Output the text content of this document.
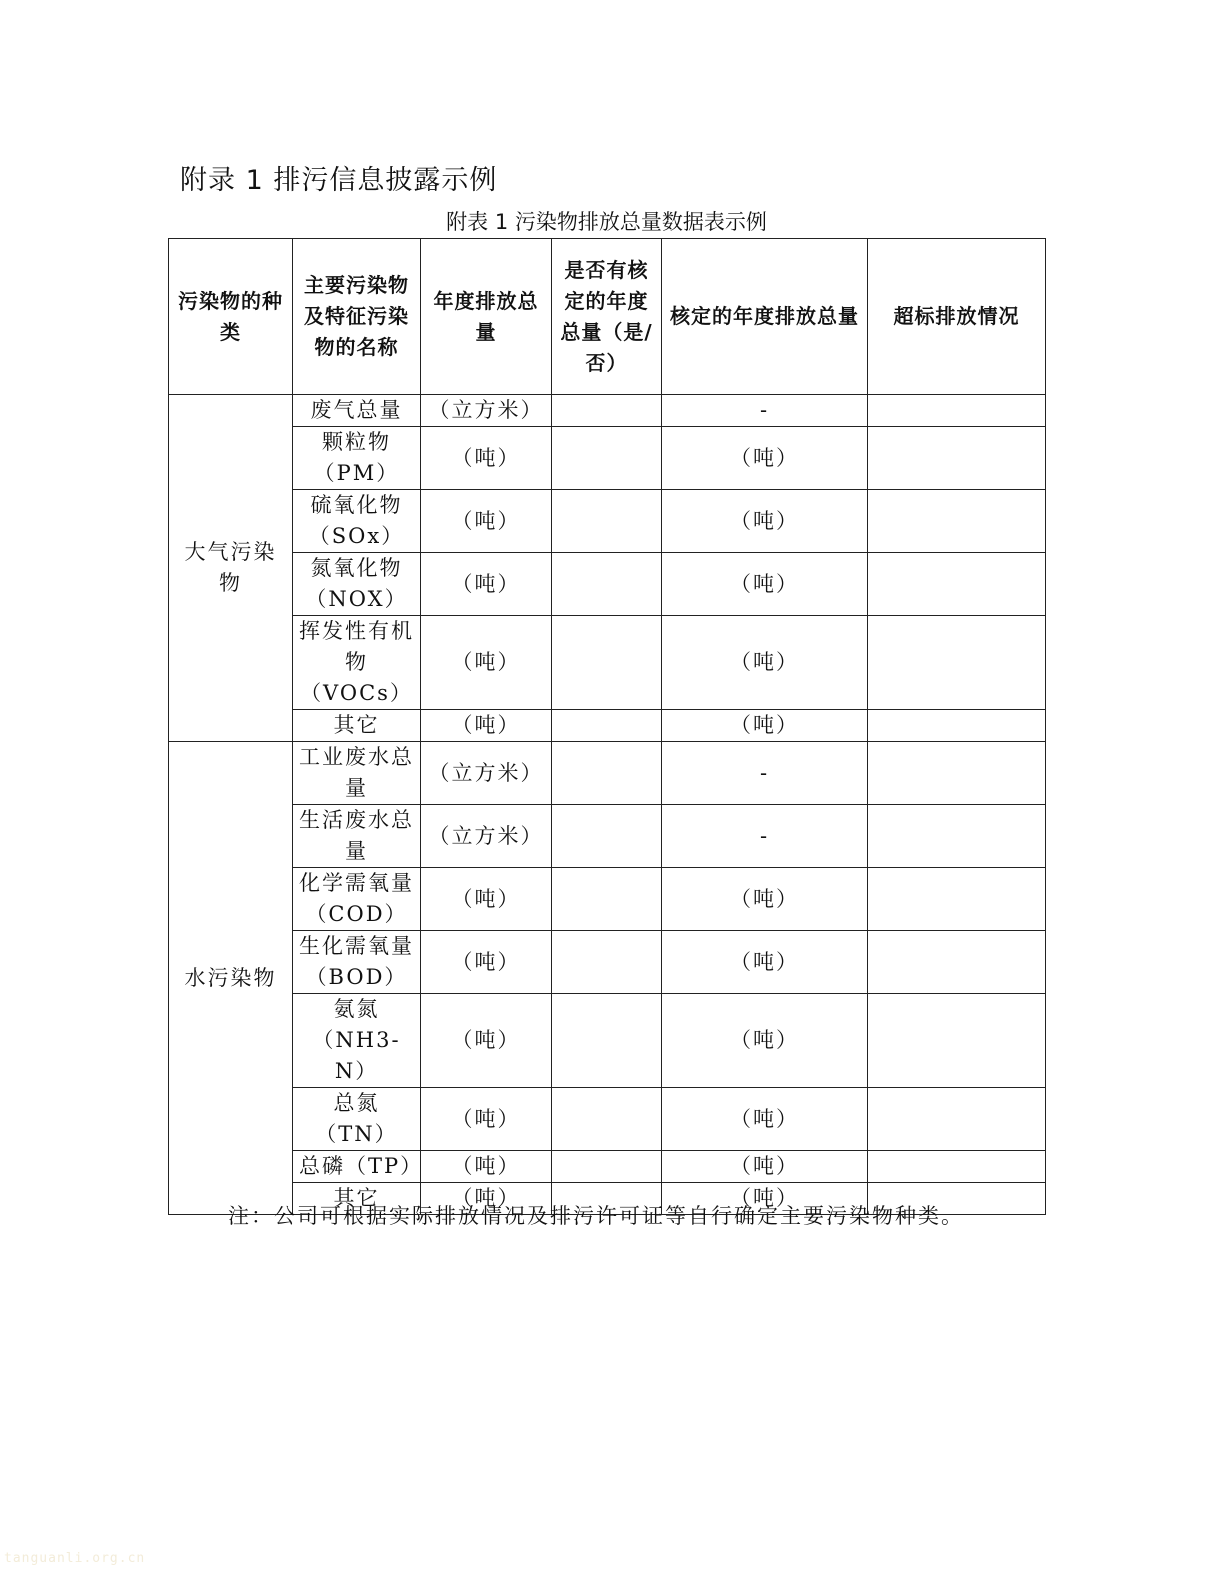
附录 1 排污信息披露示例
附表 1 污染物排放总量数据表示例
污染物的种类	主要污染物及特征污染物的名称	年度排放总量	是否有核定的年度总量（是/否）	核定的年度排放总量	超标排放情况
大气污染物	废气总量	（立方米）		-	
	颗粒物（PM）	（吨）		（吨）	
	硫氧化物（SOx）	（吨）		（吨）	
	氮氧化物（NOX）	（吨）		（吨）	
	挥发性有机物（VOCs）	（吨）		（吨）	
	其它	（吨）		（吨）	
水污染物	工业废水总量	（立方米）		-	
	生活废水总量	（立方米）		-	
	化学需氧量（COD）	（吨）		（吨）	
	生化需氧量（BOD）	（吨）		（吨）	
	氨氮（NH3-N）	（吨）		（吨）	
	总氮（TN）	（吨）		（吨）	
	总磷（TP）	（吨）		（吨）	
	其它	（吨）		（吨）	
注：公司可根据实际排放情况及排污许可证等自行确定主要污染物种类。
tanguanli.org.cn
